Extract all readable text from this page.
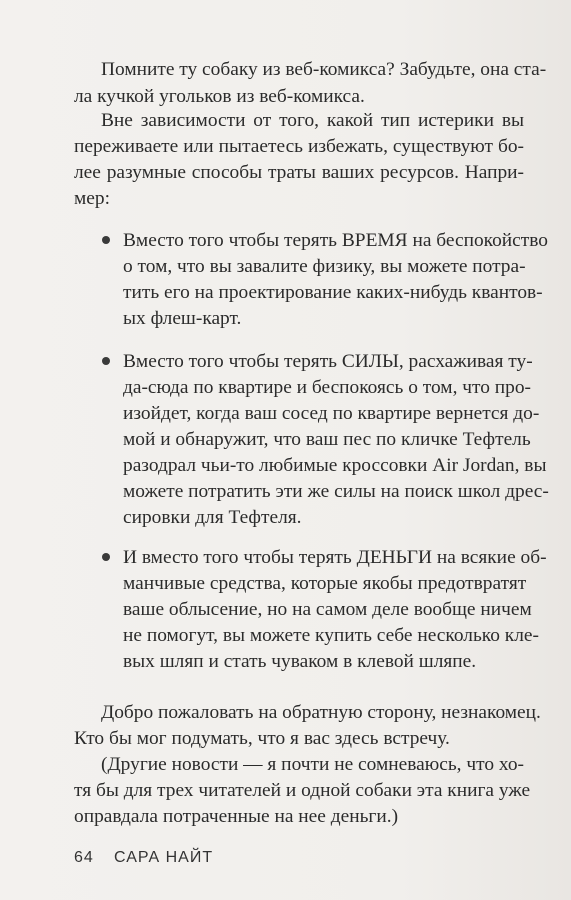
Помните ту собаку из веб-комикса? Забудьте, она ста-

ла кучкой угольков из веб-комикса.

Вне зависимости от того, какой тип истерики вы

переживаете или пытаетесь избежать, существуют бо-

лее разумные способы траты ваших ресурсов. Напри-

мер:

Вместо того чтобы терять ВРЕМЯ на беспокойство

о том, что вы завалите физику, вы можете потра-

тить его на проектирование каких-нибудь квантов-

ых флеш-карт.

Вместо того чтобы терять СИЛЫ, расхаживая ту-

да-сюда по квартире и беспокоясь о том, что про-

изойдет, когда ваш сосед по квартире вернется до-

мой и обнаружит, что ваш пес по кличке Тефтель

разодрал чьи-то любимые кроссовки Air Jordan, вы

можете потратить эти же силы на поиск школ дрес-

сировки для Тефтеля.

И вместо того чтобы терять ДЕНЬГИ на всякие об-

манчивые средства, которые якобы предотвратят

ваше облысение, но на самом деле вообще ничем

не помогут, вы можете купить себе несколько кле-

вых шляп и стать чуваком в клевой шляпе.

Добро пожаловать на обратную сторону, незнакомец.

Кто бы мог подумать, что я вас здесь встречу.

(Другие новости — я почти не сомневаюсь, что хо-

тя бы для трех читателей и одной собаки эта книга уже

оправдала потраченные на нее деньги.)

64 САРА НАЙТ
